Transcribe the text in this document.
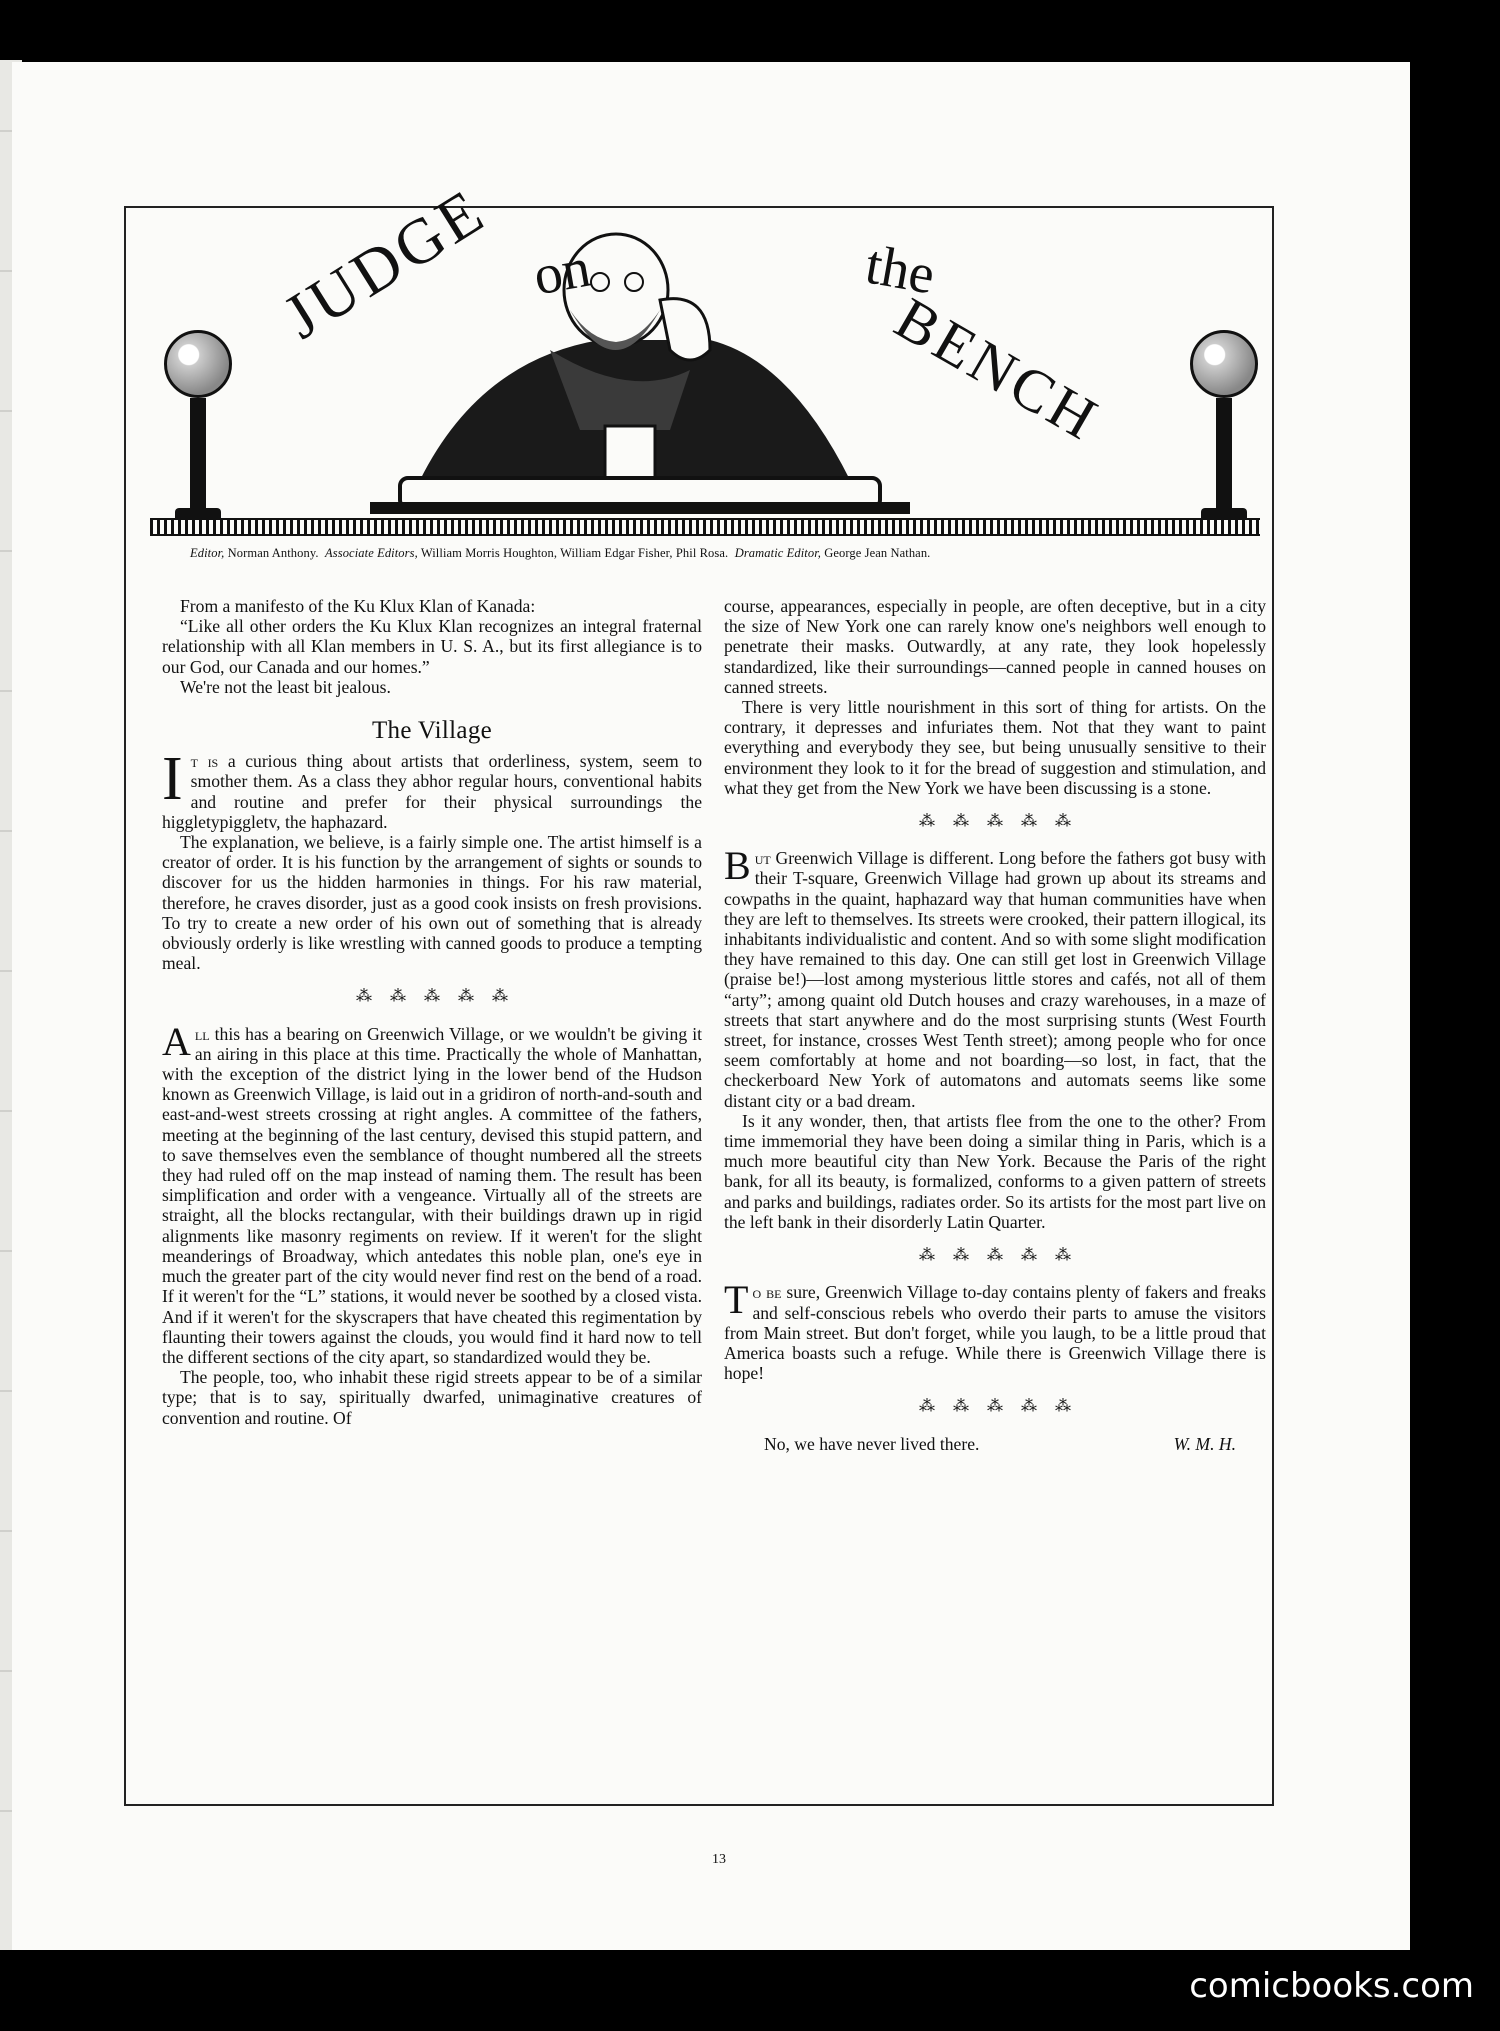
JUDGE on	the
BENCH
Editor, Norman Anthony. Associate Editors, William Morris Houghton, William Edgar Fisher, Phil Rosa. Dramatic Editor, George Jean Nathan.

From a manifesto of the Ku Klux Klan of Kanada:

“Like all other orders the Ku Klux Klan recognizes an integral fraternal relationship with all Klan members in U. S. A., but its first allegiance is to our God, our Canada and our homes.”

We're not the least bit jealous.

The Village

It is a curious thing about artists that orderliness, system, seem to smother them. As a class they abhor regular hours, conventional habits and routine and prefer for their physical surroundings the higgletypiggletv, the haphazard.

The explanation, we believe, is a fairly simple one. The artist himself is a creator of order. It is his function by the arrangement of sights or sounds to discover for us the hidden harmonies in things. For his raw material, therefore, he craves disorder, just as a good cook insists on fresh provisions. To try to create a new order of his own out of something that is already obviously orderly is like wrestling with canned goods to produce a tempting meal.

⁂⁂⁂⁂⁂

All this has a bearing on Greenwich Village, or we wouldn't be giving it an airing in this place at this time. Practically the whole of Manhattan, with the exception of the district lying in the lower bend of the Hudson known as Greenwich Village, is laid out in a gridiron of north-and-south and east-and-west streets crossing at right angles. A committee of the fathers, meeting at the beginning of the last century, devised this stupid pattern, and to save themselves even the semblance of thought numbered all the streets they had ruled off on the map instead of naming them. The result has been simplification and order with a vengeance. Virtually all of the streets are straight, all the blocks rectangular, with their buildings drawn up in rigid alignments like masonry regiments on review. If it weren't for the slight meanderings of Broadway, which antedates this noble plan, one's eye in much the greater part of the city would never find rest on the bend of a road. If it weren't for the “L” stations, it would never be soothed by a closed vista. And if it weren't for the skyscrapers that have cheated this regimentation by flaunting their towers against the clouds, you would find it hard now to tell the different sections of the city apart, so standardized would they be.

The people, too, who inhabit these rigid streets appear to be of a similar type; that is to say, spiritually dwarfed, unimaginative creatures of convention and routine. Of

course, appearances, especially in people, are often deceptive, but in a city the size of New York one can rarely know one's neighbors well enough to penetrate their masks. Outwardly, at any rate, they look hopelessly standardized, like their surroundings—canned people in canned houses on canned streets.

There is very little nourishment in this sort of thing for artists. On the contrary, it depresses and infuriates them. Not that they want to paint everything and everybody they see, but being unusually sensitive to their environment they look to it for the bread of suggestion and stimulation, and what they get from the New York we have been discussing is a stone.

⁂⁂⁂⁂⁂

But Greenwich Village is different. Long before the fathers got busy with their T-square, Greenwich Village had grown up about its streams and cowpaths in the quaint, haphazard way that human communities have when they are left to themselves. Its streets were crooked, their pattern illogical, its inhabitants individualistic and content. And so with some slight modification they have remained to this day. One can still get lost in Greenwich Village (praise be!)—lost among mysterious little stores and cafés, not all of them “arty”; among quaint old Dutch houses and crazy warehouses, in a maze of streets that start anywhere and do the most surprising stunts (West Fourth street, for instance, crosses West Tenth street); among people who for once seem comfortably at home and not boarding—so lost, in fact, that the checkerboard New York of automatons and automats seems like some distant city or a bad dream.

Is it any wonder, then, that artists flee from the one to the other? From time immemorial they have been doing a similar thing in Paris, which is a much more beautiful city than New York. Because the Paris of the right bank, for all its beauty, is formalized, conforms to a given pattern of streets and parks and buildings, radiates order. So its artists for the most part live on the left bank in their disorderly Latin Quarter.

⁂⁂⁂⁂⁂

To be sure, Greenwich Village to-day contains plenty of fakers and freaks and self-conscious rebels who overdo their parts to amuse the visitors from Main street. But don't forget, while you laugh, to be a little proud that America boasts such a refuge. While there is Greenwich Village there is hope!

⁂⁂⁂⁂⁂
No, we have never lived there.	W. M. H.
13
comicbooks.com
